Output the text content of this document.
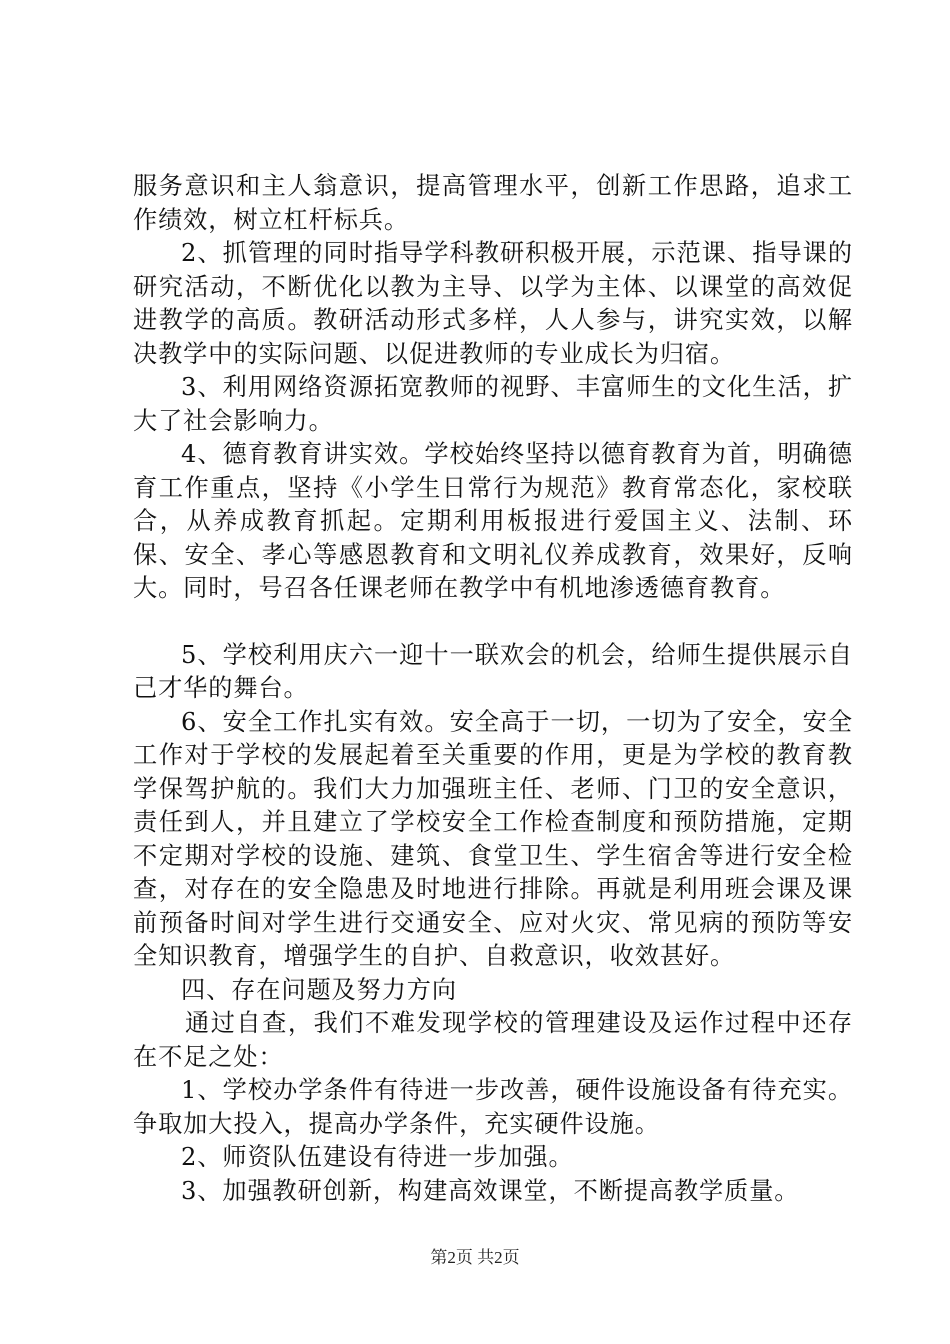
服务意识和主人翁意识，提高管理水平，创新工作思路，追求工作绩效，树立杠杆标兵。

2、抓管理的同时指导学科教研积极开展，示范课、指导课的研究活动，不断优化以教为主导、以学为主体、以课堂的高效促进教学的高质。教研活动形式多样，人人参与，讲究实效，以解决教学中的实际问题、以促进教师的专业成长为归宿。

3、利用网络资源拓宽教师的视野、丰富师生的文化生活，扩大了社会影响力。

4、德育教育讲实效。学校始终坚持以德育教育为首，明确德育工作重点，坚持《小学生日常行为规范》教育常态化，家校联合，从养成教育抓起。定期利用板报进行爱国主义、法制、环保、安全、孝心等感恩教育和文明礼仪养成教育，效果好，反响大。同时，号召各任课老师在教学中有机地渗透德育教育。

5、学校利用庆六一迎十一联欢会的机会，给师生提供展示自己才华的舞台。

6、安全工作扎实有效。安全高于一切，一切为了安全，安全工作对于学校的发展起着至关重要的作用，更是为学校的教育教学保驾护航的。我们大力加强班主任、老师、门卫的安全意识，责任到人，并且建立了学校安全工作检查制度和预防措施，定期不定期对学校的设施、建筑、食堂卫生、学生宿舍等进行安全检查，对存在的安全隐患及时地进行排除。再就是利用班会课及课前预备时间对学生进行交通安全、应对火灾、常见病的预防等安全知识教育，增强学生的自护、自救意识，收效甚好。

四、存在问题及努力方向

通过自查，我们不难发现学校的管理建设及运作过程中还存在不足之处：

1、学校办学条件有待进一步改善，硬件设施设备有待充实。争取加大投入，提高办学条件，充实硬件设施。

2、师资队伍建设有待进一步加强。

3、加强教研创新，构建高效课堂，不断提高教学质量。

第2页 共2页
